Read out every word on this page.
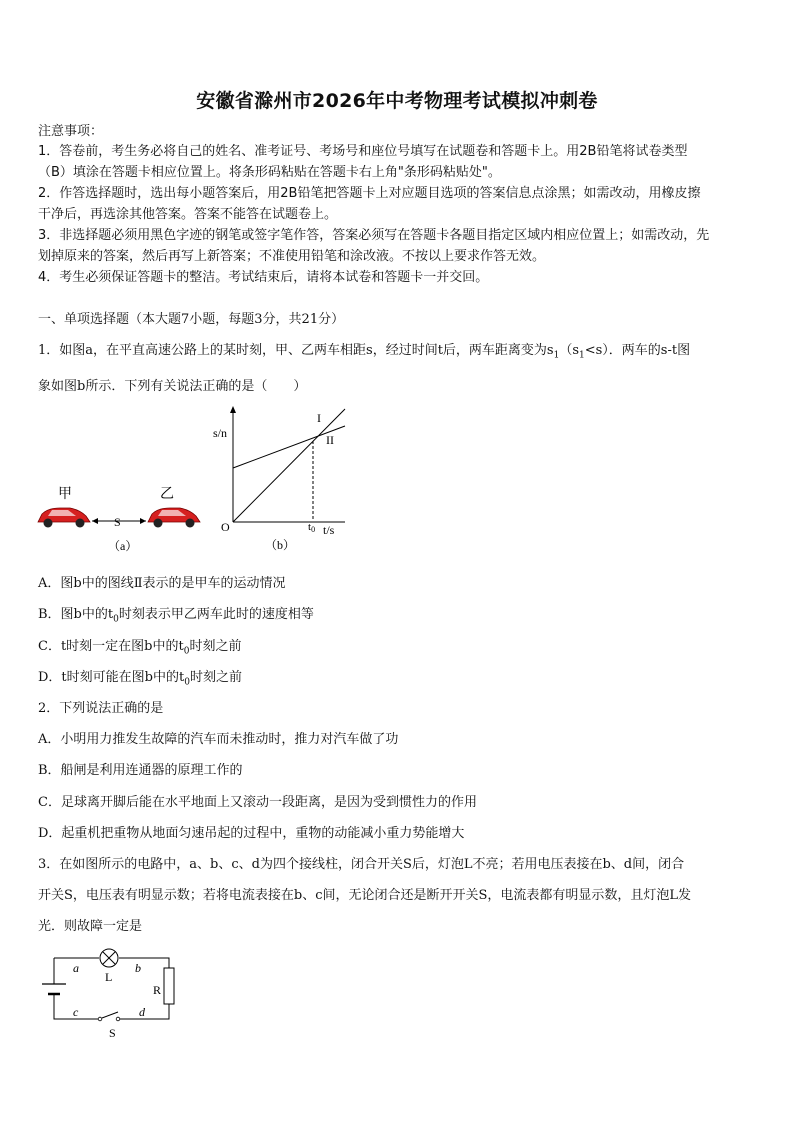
安徽省滁州市2026年中考物理考试模拟冲刺卷
注意事项：
1．答卷前，考生务必将自己的姓名、准考证号、考场号和座位号填写在试题卷和答题卡上。用2B铅笔将试卷类型
（B）填涂在答题卡相应位置上。将条形码粘贴在答题卡右上角"条形码粘贴处"。
2．作答选择题时，选出每小题答案后，用2B铅笔把答题卡上对应题目选项的答案信息点涂黑；如需改动，用橡皮擦
干净后，再选涂其他答案。答案不能答在试题卷上。
3．非选择题必须用黑色字迹的钢笔或签字笔作答，答案必须写在答题卡各题目指定区域内相应位置上；如需改动，先
划掉原来的答案，然后再写上新答案；不准使用铅笔和涂改液。不按以上要求作答无效。
4．考生必须保证答题卡的整洁。考试结束后，请将本试卷和答题卡一并交回。
一、单项选择题（本大题7小题，每题3分，共21分）
1．如图a，在平直高速公路上的某时刻，甲、乙两车相距s，经过时间t后，两车距离变为$s_1(s_1<s)$．两车的s-t图
象如图b所示．下列有关说法正确的是（　　）
甲	乙
S
（a）
s/n
O
I
II
t0 t/s
（b）
A．图b中的图线Ⅱ表示的是甲车的运动情况
B．图b中的$t_0$时刻表示甲乙两车此时的速度相等
C．t时刻一定在图b中的$t_0$时刻之前
D．t时刻可能在图b中的$t_0$时刻之前
2．下列说法正确的是
A．小明用力推发生故障的汽车而未推动时，推力对汽车做了功
B．船闸是利用连通器的原理工作的
C．足球离开脚后能在水平地面上又滚动一段距离，是因为受到惯性力的作用
D．起重机把重物从地面匀速吊起的过程中，重物的动能减小重力势能增大
3．在如图所示的电路中，a、b、c、d为四个接线柱，闭合开关S后，灯泡L不亮；若用电压表接在b、d间，闭合
开关S，电压表有明显示数；若将电流表接在b、c间，无论闭合还是断开开关S，电流表都有明显示数，且灯泡L发
光．则故障一定是
a	b
c	d
L
R
S
